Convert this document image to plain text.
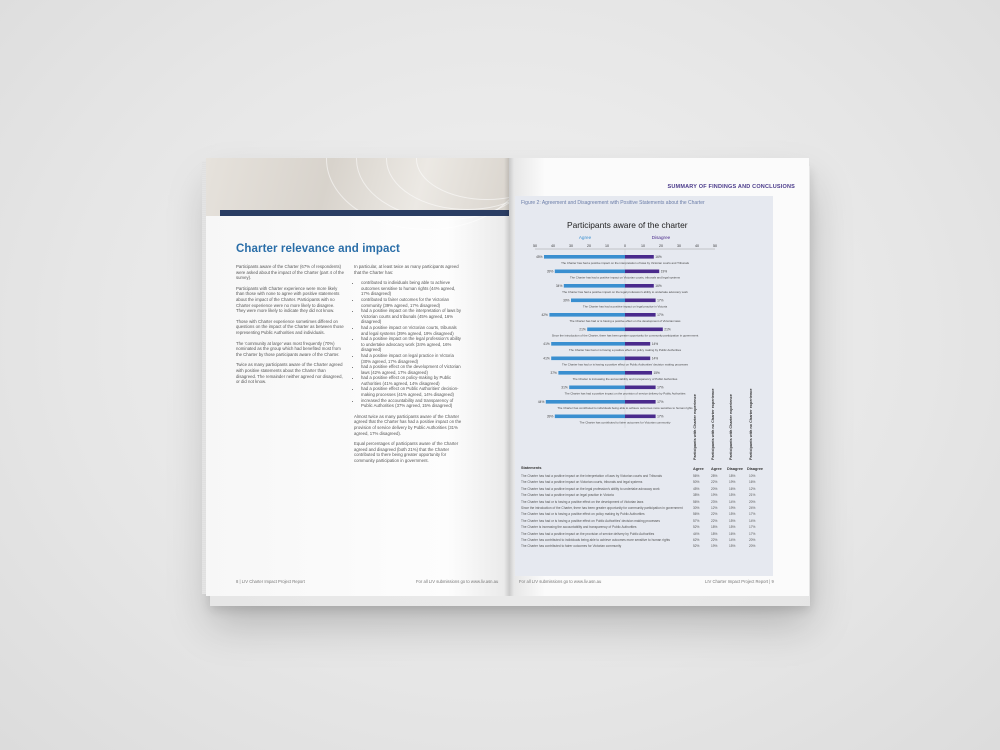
Charter relevance and impact

Participants aware of the Charter (67% of respondents) were asked about the impact of the Charter (part 4 of the survey).

Participants with Charter experience were more likely than those with none to agree with positive statements about the impact of the Charter. Participants with no Charter experience were no more likely to disagree. They were more likely to indicate they did not know.

Those with Charter experience sometimes differed on questions on the impact of the Charter as between those representing Public Authorities and individuals.

The 'community at large' was most frequently (70%) nominated as the group which had benefited most from the Charter by those participants aware of the Charter.

Twice as many participants aware of the Charter agreed with positive statements about the Charter than disagreed. The remainder neither agreed nor disagreed, or did not know.

In particular, at least twice as many participants agreed that the Charter has:

• contributed to individuals being able to achieve outcomes sensitive to human rights (44% agreed, 17% disagreed)
• contributed to fairer outcomes for the Victorian community (39% agreed, 17% disagreed)
• had a positive impact on the interpretation of laws by Victorian courts and tribunals (45% agreed, 16% disagreed)
• had a positive impact on Victorian courts, tribunals and legal systems (39% agreed, 19% disagreed)
• had a positive impact on the legal profession's ability to undertake advocacy work (34% agreed, 16% disagreed)
• had a positive impact on legal practice in Victoria (30% agreed, 17% disagreed)
• had a positive effect on the development of Victorian laws (42% agreed, 17% disagreed)
• had a positive effect on policy-making by Public Authorities (41% agreed, 14% disagreed)
• had a positive effect on Public Authorities' decision-making processes (41% agreed, 14% disagreed)
• increased the accountability and transparency of Public Authorities (37% agreed, 15% disagreed)

Almost twice as many participants aware of the Charter agreed that the Charter has had a positive impact on the provision of service delivery by Public Authorities (31% agreed, 17% disagreed).

Equal percentages of participants aware of the Charter agreed and disagreed (both 21%) that the Charter contributed to there being greater opportunity for community participation in government.

8 | LIV Charter Impact Project Report	For all LIV submissions go to www.liv.asn.au
SUMMARY OF FINDINGS AND CONCLUSIONS
Figure 2: Agreement and Disagreement with Positive Statements about the Charter
Participants aware of the charter
Agree	Disagree
50	40	30	20	10	0	10	20	30	40	50
45%	16%
The Charter has had a positive impact on the interpretation of laws by Victorian courts and Tribunals
39%	19%
The Charter has had a positive impact on Victorian courts, tribunals and legal systems
34%	16%
The Charter has had a positive impact on the legal profession's ability to undertake advocacy work
30%	17%
The Charter has had a positive impact on legal practice in Victoria
42%	17%
The Charter has had or is having a positive effect on the development of Victorian laws
21%	21%
Since the introduction of the Charter, there has been greater opportunity for community participation in government
41%	14%
The Charter has had or is having a positive effect on policy making by Public Authorities
41%	14%
The Charter has had or is having a positive effect on Public Authorities' decision making processes
37%	15%
The Charter is increasing the accountability and transparency of Public Authorities
31%	17%
The Charter has had a positive impact on the provision of service delivery by Public Authorities
44%	17%
The Charter has contributed to individuals being able to achieve outcomes more sensitive to human rights
39%	17%
The Charter has contributed to fairer outcomes for Victorian community
Statements
Participants with Charter experience	Participants with no Charter experience	Participants with Charter experience	Participants with no Charter experience
Agree Agree Disagree Disagree
The Charter has had a positive impact on the interpretation of laws by Victorian courts and Tribunals	56%	28%	18%	10%
The Charter has had a positive impact on Victorian courts, tribunals and legal systems	50%	22%	19%	16%
The Charter has had a positive impact on the legal profession's ability to undertake advocacy work	45%	20%	16%	12%
The Charter has had a positive impact on legal practice in Victoria	38%	19%	15%	21%
The Charter has had or is having a positive effect on the development of Victorian laws	56%	23%	14%	20%
Since the introduction of the Charter, there has been greater opportunity for community participation in government	30%	12%	19%	24%
The Charter has had or is having a positive effect on policy making by Public Authorities	56%	22%	15%	17%
The Charter has had or is having a positive effect on Public Authorities' decision making processes	57%	22%	15%	14%
The Charter is increasing the accountability and transparency of Public Authorities	52%	18%	15%	17%
The Charter has had a positive impact on the provision of service delivery by Public Authorities	44%	18%	16%	17%
The Charter has contributed to individuals being able to achieve outcomes more sensitive to human rights	62%	22%	14%	20%
The Charter has contributed to fairer outcomes for Victorian community	52%	19%	15%	20%
For all LIV submissions go to www.liv.asn.au	LIV Charter Impact Project Report | 9
